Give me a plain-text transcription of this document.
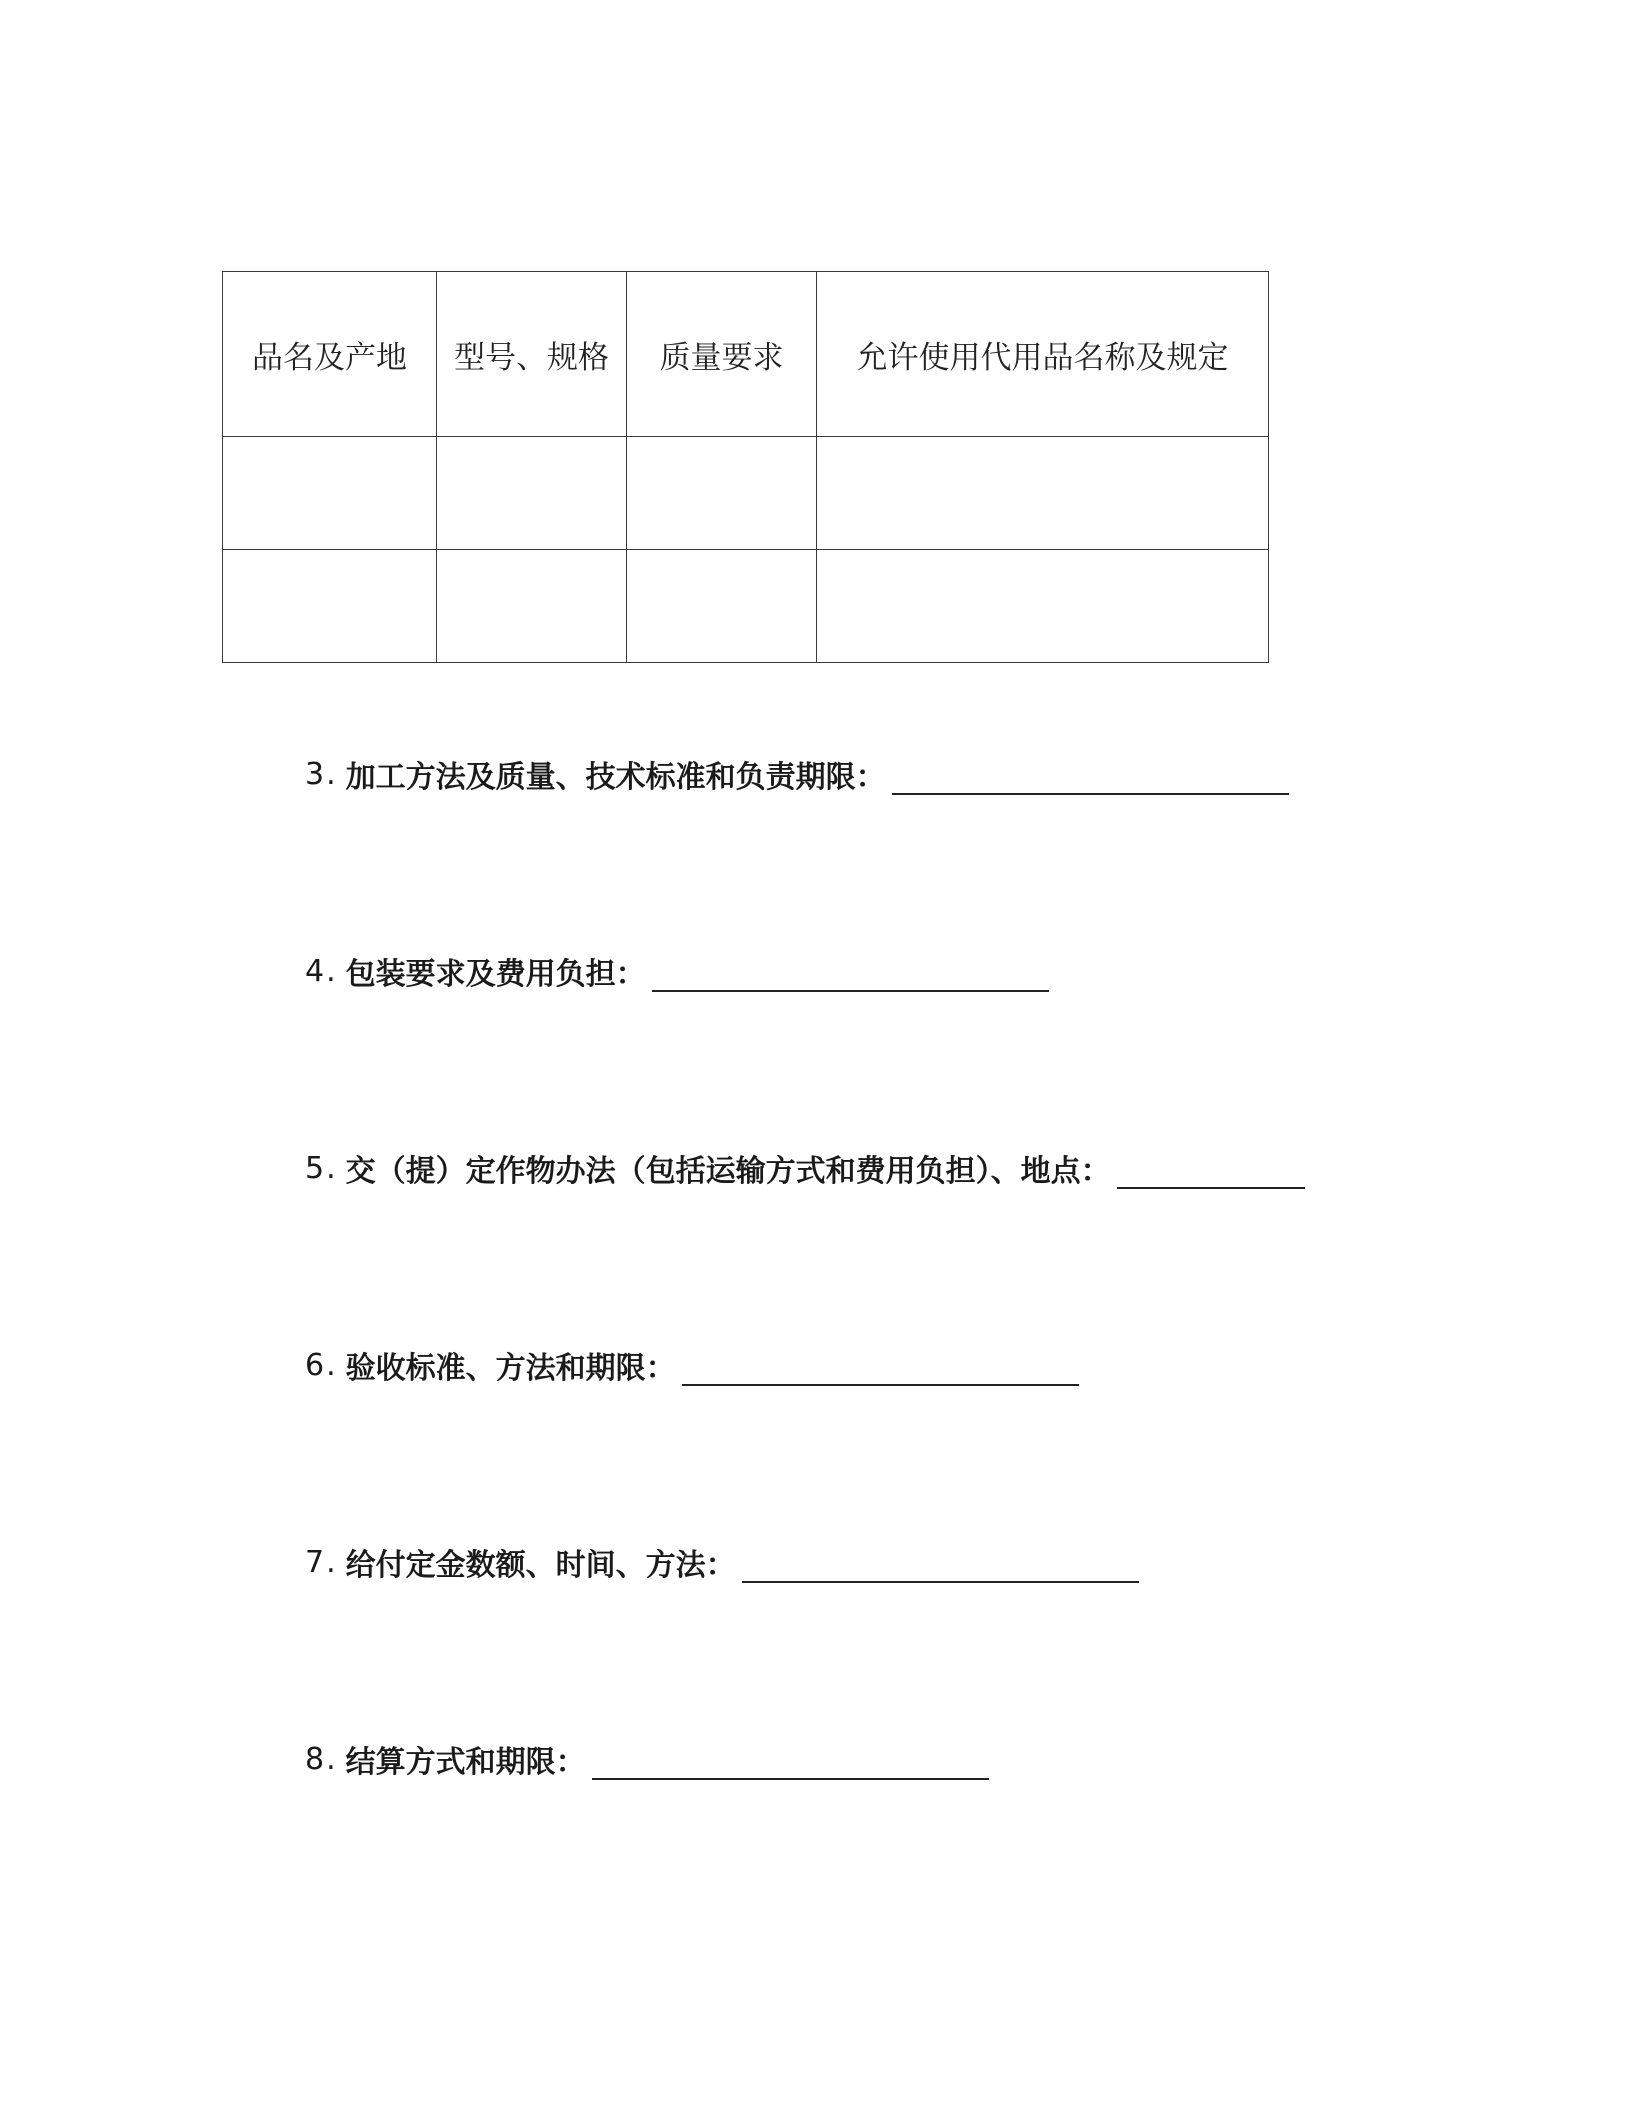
品名及产地	型号、规格	质量要求	允许使用代用品名称及规定

3 . 加工方法及质量、技术标准和负责期限：
4 . 包装要求及费用负担：
5 . 交（提）定作物办法（包括运输方式和费用负担）、地点：
6 . 验收标准、方法和期限：
7 . 给付定金数额、时间、方法：
8 . 结算方式和期限：
